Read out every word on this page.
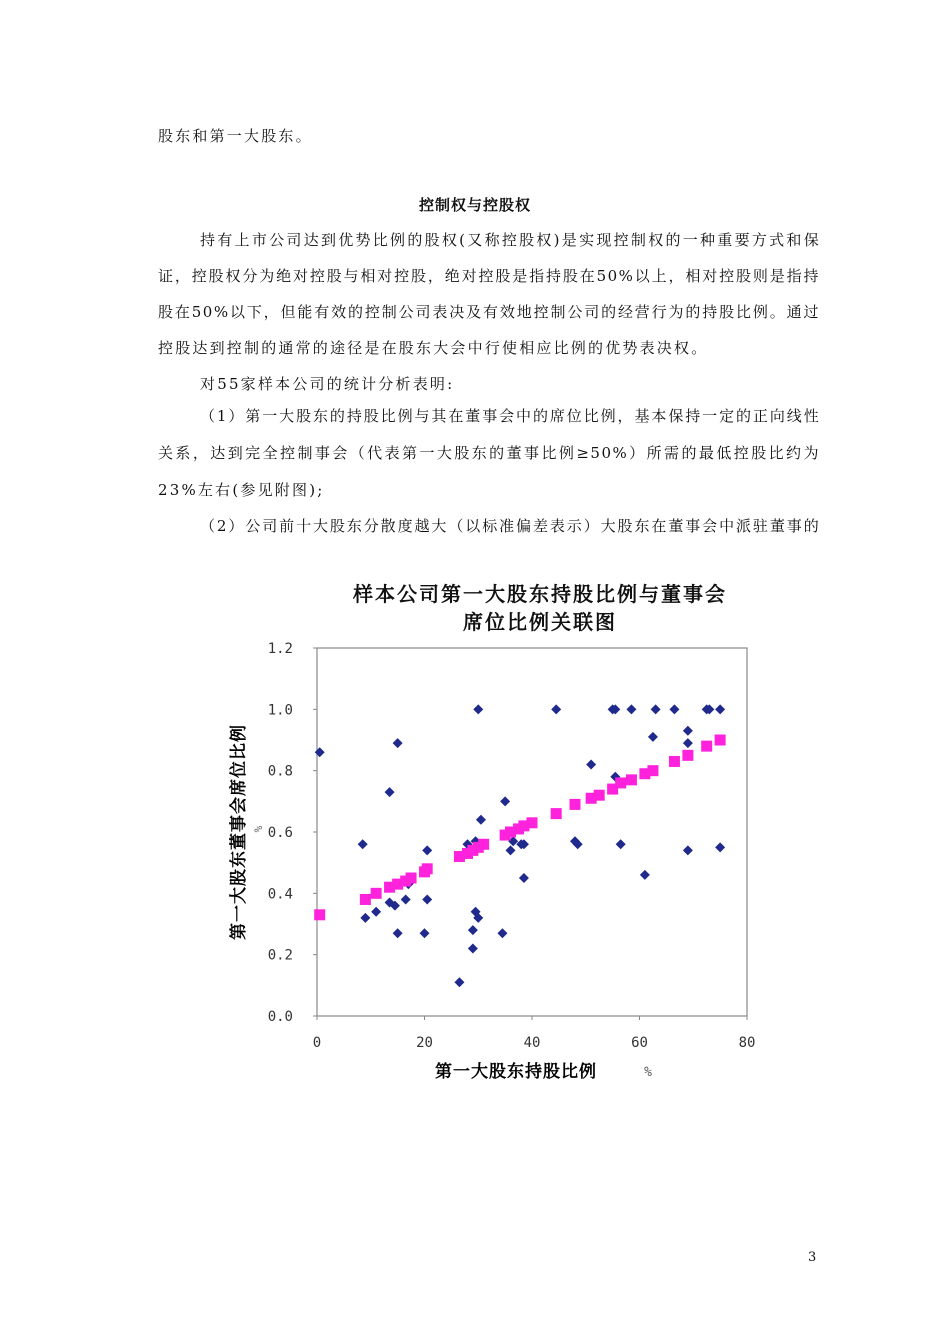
股东和第一大股东。
控制权与控股权
持有上市公司达到优势比例的股权(又称控股权)是实现控制权的一种重要方式和保
证，控股权分为绝对控股与相对控股，绝对控股是指持股在50%以上，相对控股则是指持
股在50%以下，但能有效的控制公司表决及有效地控制公司的经营行为的持股比例。通过
控股达到控制的通常的途径是在股东大会中行使相应比例的优势表决权。
对55家样本公司的统计分析表明:
（1）第一大股东的持股比例与其在董事会中的席位比例，基本保持一定的正向线性
关系，达到完全控制事会（代表第一大股东的董事比例≥50%）所需的最低控股比约为
23%左右(参见附图);
（2）公司前十大股东分散度越大（以标准偏差表示）大股东在董事会中派驻董事的
样本公司第一大股东持股比例与董事会
席位比例关联图
0	20	40	60	80
0.0
0.2
0.4
0.6
0.8
1.0
1.2
第一大股东持股比例	%
第一大股东董事会席位比例 %
3
